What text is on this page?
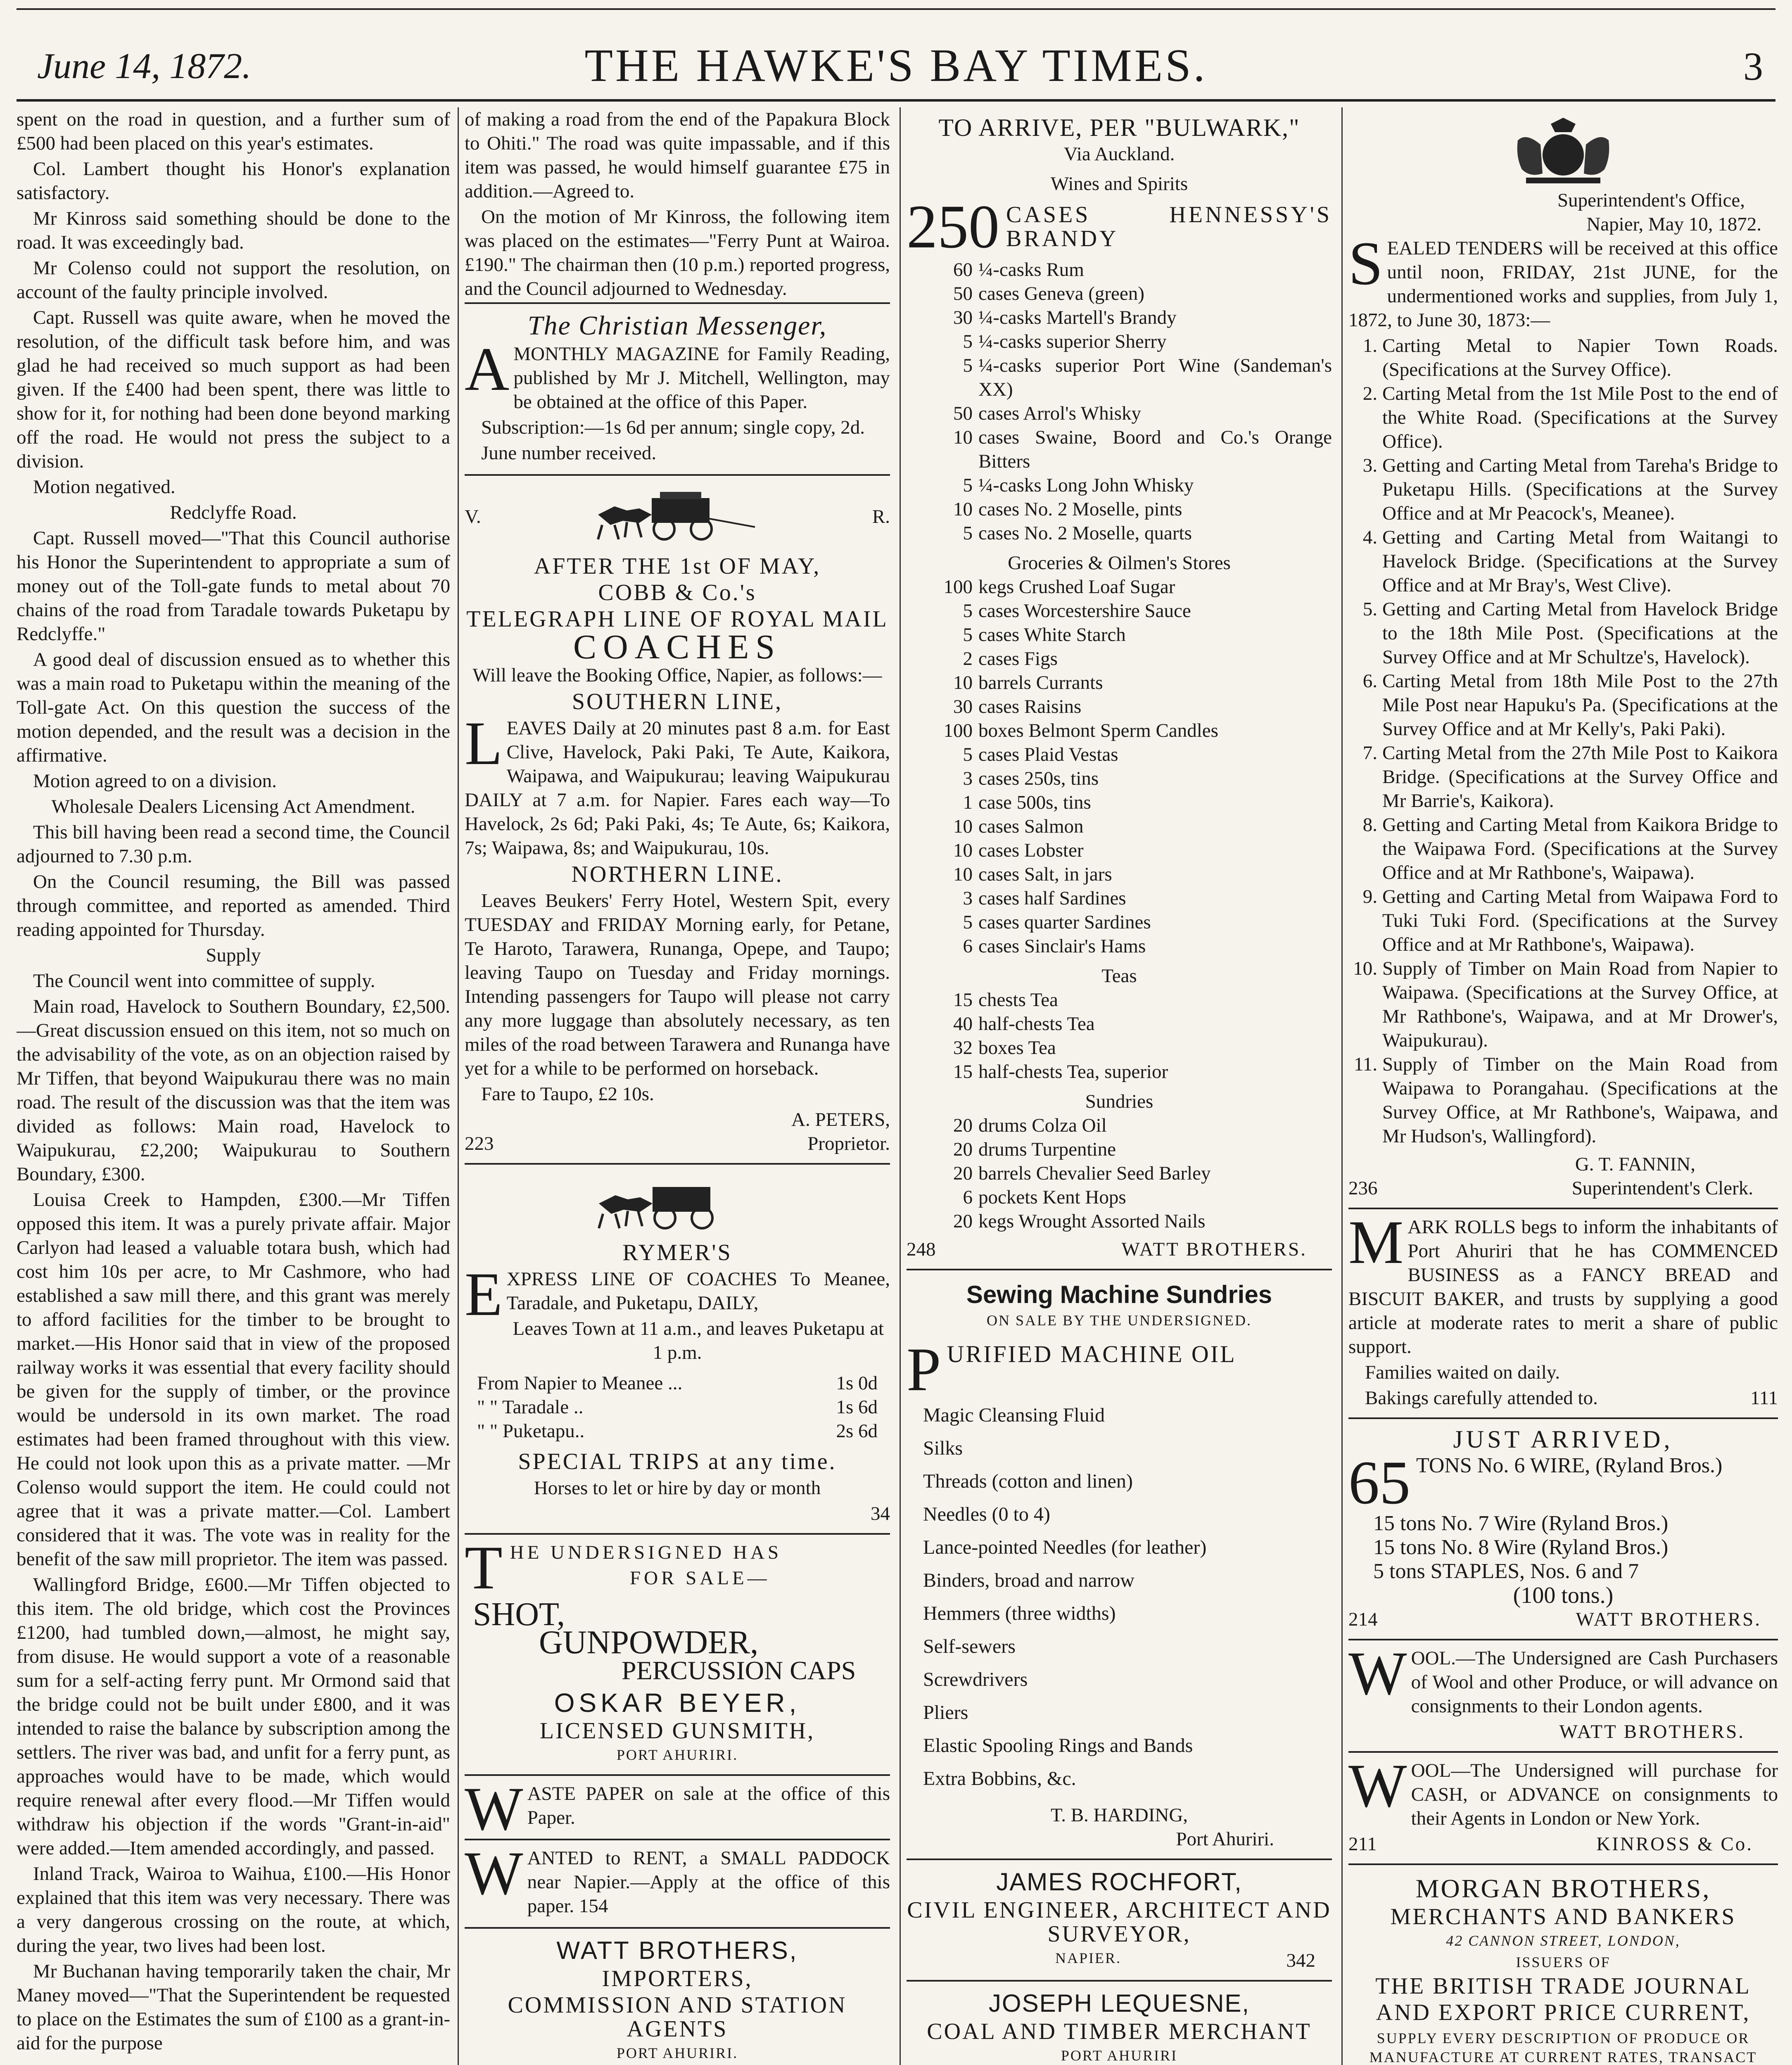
June 14, 1872.	THE HAWKE'S BAY TIMES.	3

spent on the road in question, and a further sum of £500 had been placed on this year's estimates.

Col. Lambert thought his Honor's explanation satisfactory.

Mr Kinross said something should be done to the road. It was exceedingly bad.

Mr Colenso could not support the resolution, on account of the faulty principle involved.

Capt. Russell was quite aware, when he moved the resolution, of the difficult task before him, and was glad he had received so much support as had been given. If the £400 had been spent, there was little to show for it, for nothing had been done beyond marking off the road. He would not press the subject to a division.

Motion negatived.

Redclyffe Road.

Capt. Russell moved—"That this Council authorise his Honor the Superintendent to appropriate a sum of money out of the Toll-gate funds to metal about 70 chains of the road from Taradale towards Puketapu by Redclyffe."

A good deal of discussion ensued as to whether this was a main road to Puketapu within the meaning of the Toll-gate Act. On this question the success of the motion depended, and the result was a decision in the affirmative.

Motion agreed to on a division.

Wholesale Dealers Licensing Act Amendment.

This bill having been read a second time, the Council adjourned to 7.30 p.m.

On the Council resuming, the Bill was passed through committee, and reported as amended. Third reading appointed for Thursday.

Supply

The Council went into committee of supply.

Main road, Havelock to Southern Boundary, £2,500.—Great discussion ensued on this item, not so much on the advisability of the vote, as on an objection raised by Mr Tiffen, that beyond Waipukurau there was no main road. The result of the discussion was that the item was divided as follows: Main road, Havelock to Waipukurau, £2,200; Waipukurau to Southern Boundary, £300.

Louisa Creek to Hampden, £300.—Mr Tiffen opposed this item. It was a purely private affair. Major Carlyon had leased a valuable totara bush, which had cost him 10s per acre, to Mr Cashmore, who had established a saw mill there, and this grant was merely to afford facilities for the timber to be brought to market.—His Honor said that in view of the proposed railway works it was essential that every facility should be given for the supply of timber, or the province would be undersold in its own market. The road estimates had been framed throughout with this view. He could not look upon this as a private matter. —Mr Colenso would support the item. He could could not agree that it was a private matter.—Col. Lambert considered that it was. The vote was in reality for the benefit of the saw mill proprietor. The item was passed.

Wallingford Bridge, £600.—Mr Tiffen objected to this item. The old bridge, which cost the Provinces £1200, had tumbled down,—almost, he might say, from disuse. He would support a vote of a reasonable sum for a self-acting ferry punt. Mr Ormond said that the bridge could not be built under £800, and it was intended to raise the balance by subscription among the settlers. The river was bad, and unfit for a ferry punt, as approaches would have to be made, which would require renewal after every flood.—Mr Tiffen would withdraw his objection if the words "Grant-in-aid" were added.—Item amended accordingly, and passed.

Inland Track, Wairoa to Waihua, £100.—His Honor explained that this item was very necessary. There was a very dangerous crossing on the route, at which, during the year, two lives had been lost.

Mr Buchanan having temporarily taken the chair, Mr Maney moved—"That the Superintendent be requested to place on the Estimates the sum of £100 as a grant-in-aid for the purpose

of making a road from the end of the Papakura Block to Ohiti." The road was quite impassable, and if this item was passed, he would himself guarantee £75 in addition.—Agreed to.

On the motion of Mr Kinross, the following item was placed on the estimates—"Ferry Punt at Wairoa. £190." The chairman then (10 p.m.) reported progress, and the Council adjourned to Wednesday.

The Christian Messenger,

AMONTHLY MAGAZINE for Family Reading, published by Mr J. Mitchell, Wellington, may be obtained at the office of this Paper.

Subscription:—1s 6d per annum; single copy, 2d.

June number received.

V.	R.
AFTER THE 1st OF MAY,
COBB & Co.'s
TELEGRAPH LINE OF ROYAL MAIL
COACHES

Will leave the Booking Office, Napier, as follows:—

SOUTHERN LINE,

LEAVES Daily at 20 minutes past 8 a.m. for East Clive, Havelock, Paki Paki, Te Aute, Kaikora, Waipawa, and Waipukurau; leaving Waipukurau DAILY at 7 a.m. for Napier. Fares each way—To Havelock, 2s 6d; Paki Paki, 4s; Te Aute, 6s; Kaikora, 7s; Waipawa, 8s; and Waipukurau, 10s.

NORTHERN LINE.

Leaves Beukers' Ferry Hotel, Western Spit, every TUESDAY and FRIDAY Morning early, for Petane, Te Haroto, Tarawera, Runanga, Opepe, and Taupo; leaving Taupo on Tuesday and Friday mornings. Intending passengers for Taupo will please not carry any more luggage than absolutely necessary, as ten miles of the road between Tarawera and Runanga have yet for a while to be performed on horseback.

Fare to Taupo, £2 10s.

A. PETERS,
223	Proprietor.
RYMER'S

EXPRESS LINE OF COACHES To Meanee, Taradale, and Puketapu, DAILY,

Leaves Town at 11 a.m., and leaves Puketapu at 1 p.m.

From Napier to Meanee ...	1s 0d
" " Taradale ..	1s 6d
" " Puketapu..	2s 6d
SPECIAL TRIPS at any time.

Horses to let or hire by day or month

34

THE UNDERSIGNED HAS

FOR SALE—

SHOT,
GUNPOWDER,
PERCUSSION CAPS
OSKAR BEYER,
LICENSED GUNSMITH,
PORT AHURIRI.

WASTE PAPER on sale at the office of this Paper.

WANTED to RENT, a SMALL PADDOCK near Napier.—Apply at the office of this paper. 154

WATT BROTHERS,
IMPORTERS,
COMMISSION AND STATION AGENTS
PORT AHURIRI.
TO ARRIVE, PER "BULWARK,"
Via Auckland.
Wines and Spirits
250 CASES HENNESSY'S BRANDY
60 ¼-casks Rum
50 cases Geneva (green)
30 ¼-casks Martell's Brandy
5 ¼-casks superior Sherry
5 ¼-casks superior Port Wine (Sandeman's XX)
50 cases Arrol's Whisky
10 cases Swaine, Boord and Co.'s Orange Bitters
5 ¼-casks Long John Whisky
10 cases No. 2 Moselle, pints
5 cases No. 2 Moselle, quarts
Groceries & Oilmen's Stores
100 kegs Crushed Loaf Sugar
5 cases Worcestershire Sauce
5 cases White Starch
2 cases Figs
10 barrels Currants
30 cases Raisins
100 boxes Belmont Sperm Candles
5 cases Plaid Vestas
3 cases 250s, tins
1 case 500s, tins
10 cases Salmon
10 cases Lobster
10 cases Salt, in jars
3 cases half Sardines
5 cases quarter Sardines
6 cases Sinclair's Hams
Teas
15 chests Tea
40 half-chests Tea
32 boxes Tea
15 half-chests Tea, superior
Sundries
20 drums Colza Oil
20 drums Turpentine
20 barrels Chevalier Seed Barley
6 pockets Kent Hops
20 kegs Wrought Assorted Nails
248	WATT BROTHERS.
Sewing Machine Sundries
ON SALE BY THE UNDERSIGNED.

PURIFIED MACHINE OIL

Magic Cleansing Fluid
Silks
Threads (cotton and linen)
Needles (0 to 4)
Lance-pointed Needles (for leather)
Binders, broad and narrow
Hemmers (three widths)
Self-sewers
Screwdrivers
Pliers
Elastic Spooling Rings and Bands
Extra Bobbins, &c.
T. B. HARDING,
Port Ahuriri.
JAMES ROCHFORT,
CIVIL ENGINEER, ARCHITECT AND SURVEYOR,
NAPIER.	342
JOSEPH LEQUESNE,
COAL AND TIMBER MERCHANT
PORT AHURIRI

Superintendent's Office,
Napier, May 10, 1872.

SEALED TENDERS will be received at this office until noon, FRIDAY, 21st JUNE, for the undermentioned works and supplies, from July 1, 1872, to June 30, 1873:—

1. Carting Metal to Napier Town Roads. (Specifications at the Survey Office).
2. Carting Metal from the 1st Mile Post to the end of the White Road. (Specifications at the Survey Office).
3. Getting and Carting Metal from Tareha's Bridge to Puketapu Hills. (Specifications at the Survey Office and at Mr Peacock's, Meanee).
4. Getting and Carting Metal from Waitangi to Havelock Bridge. (Specifications at the Survey Office and at Mr Bray's, West Clive).
5. Getting and Carting Metal from Havelock Bridge to the 18th Mile Post. (Specifications at the Survey Office and at Mr Schultze's, Havelock).
6. Carting Metal from 18th Mile Post to the 27th Mile Post near Hapuku's Pa. (Specifications at the Survey Office and at Mr Kelly's, Paki Paki).
7. Carting Metal from the 27th Mile Post to Kaikora Bridge. (Specifications at the Survey Office and Mr Barrie's, Kaikora).
8. Getting and Carting Metal from Kaikora Bridge to the Waipawa Ford. (Specifications at the Survey Office and at Mr Rathbone's, Waipawa).
9. Getting and Carting Metal from Waipawa Ford to Tuki Tuki Ford. (Specifications at the Survey Office and at Mr Rathbone's, Waipawa).
10. Supply of Timber on Main Road from Napier to Waipawa. (Specifications at the Survey Office, at Mr Rathbone's, Waipawa, and at Mr Drower's, Waipukurau).
11. Supply of Timber on the Main Road from Waipawa to Porangahau. (Specifications at the Survey Office, at Mr Rathbone's, Waipawa, and Mr Hudson's, Wallingford).
G. T. FANNIN,
236	Superintendent's Clerk.

MARK ROLLS begs to inform the inhabitants of Port Ahuriri that he has COMMENCED BUSINESS as a FANCY BREAD and BISCUIT BAKER, and trusts by supplying a good article at moderate rates to merit a share of public support.

Families waited on daily.

Bakings carefully attended to.	111
JUST ARRIVED,
65 TONS No. 6 WIRE, (Ryland Bros.)
15 tons No. 7 Wire (Ryland Bros.)
15 tons No. 8 Wire (Ryland Bros.)
5 tons STAPLES, Nos. 6 and 7
(100 tons.)
214	WATT BROTHERS.

WOOL.—The Undersigned are Cash Purchasers of Wool and other Produce, or will advance on consignments to their London agents.

WATT BROTHERS.

WOOL—The Undersigned will purchase for CASH, or ADVANCE on consignments to their Agents in London or New York.

211	KINROSS & Co.
MORGAN BROTHERS,
MERCHANTS AND BANKERS
42 CANNON STREET, LONDON,
ISSUERS OF
THE BRITISH TRADE JOURNAL
AND EXPORT PRICE CURRENT,
SUPPLY EVERY DESCRIPTION OF PRODUCE OR MANUFACTURE AT CURRENT RATES, TRANSACT
